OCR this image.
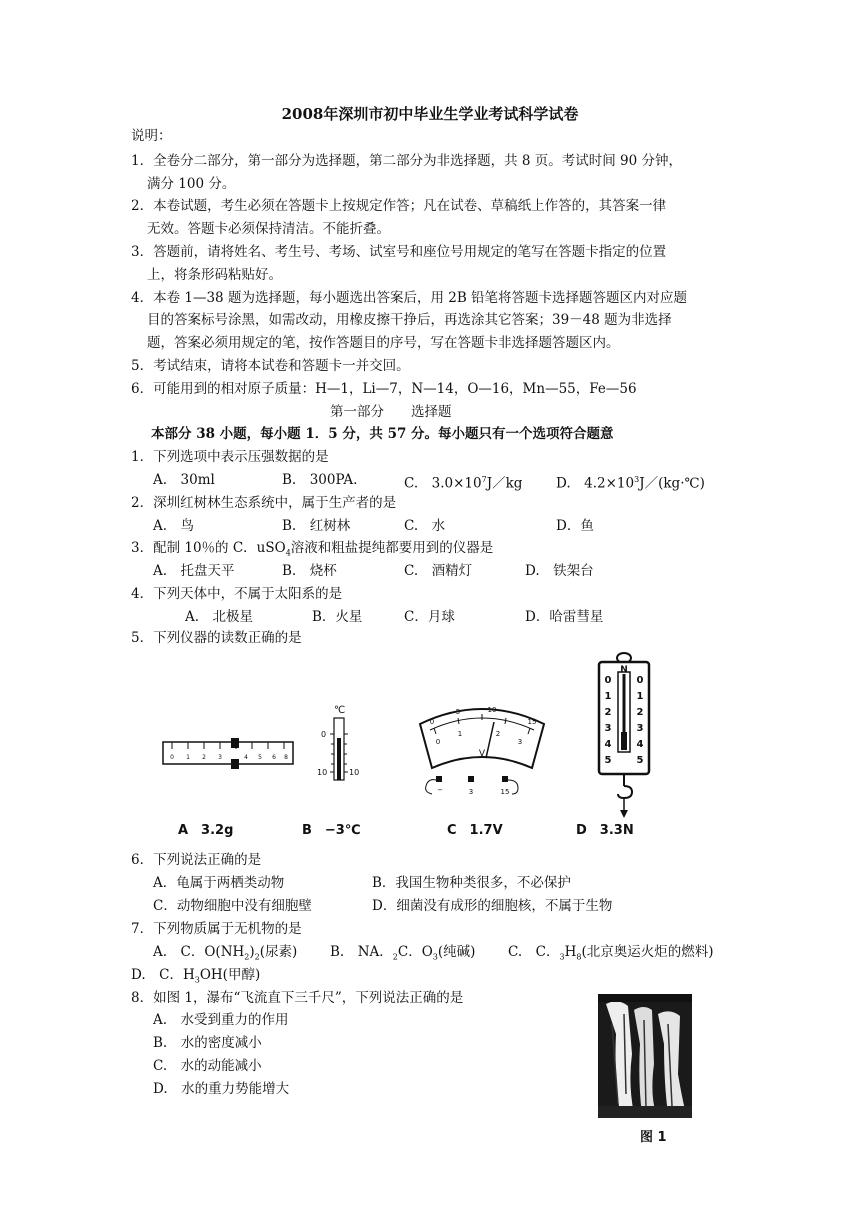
2008年深圳市初中毕业生学业考试科学试卷
说明：
1．全卷分二部分，第一部分为选择题，第二部分为非选择题，共 8 页。考试时间 90 分钟，
满分 100 分。
2．本卷试题，考生必须在答题卡上按规定作答；凡在试卷、草稿纸上作答的，其答案一律
无效。答题卡必须保持清洁。不能折叠。
3．答题前，请将姓名、考生号、考场、试室号和座位号用规定的笔写在答题卡指定的位置
上，将条形码粘贴好。
4．本卷 1—38 题为选择题，每小题选出答案后，用 2B 铅笔将答题卡选择题答题区内对应题
目的答案标号涂黑，如需改动，用橡皮擦干挣后，再选涂其它答案；39－48 题为非选择
题，答案必须用规定的笔，按作答题目的序号，写在答题卡非选择题答题区内。
5．考试结束，请将本试卷和答题卡一并交回。
6．可能用到的相对原子质量：H—1，Li—7，N—14，O—16，Mn—55，Fe—56
第一部分　　选择题
本部分 38 小题，每小题 1．5 分，共 57 分。每小题只有一个选项符合题意
1．下列选项中表示压强数据的是
A.　30ml	B.　300PA.	C.　$3.0\times 10^7J/kg$ D.　$4.2\times 10^3J/(kg\cdot℃)$
2．深圳红树林生态系统中，属于生产者的是
A.　鸟	B.　红树林	C.　水	D．鱼
3．配制 10％的 C．uSO$_4$溶液和粗盐提纯都要用到的仪器是
A.　托盘天平	B.　烧杯	C.　酒精灯	D.　铁架台
4．下列天体中，不属于太阳系的是
A.　北极星	B．火星	C．月球	D．哈雷彗星
5．下列仪器的读数正确的是
0 1 2 3	4 5 6 8
℃
0
10	10
0
5	10
15
0
1	2
3
V
−	3	15
N
0	0
1	1
2	2
3	3
4	4
5	5
A　3.2g	B　−3℃	C　1.7V	D　3.3N
6．下列说法正确的是
A．龟属于两栖类动物	B．我国生物种类很多，不必保护
C．动物细胞中没有细胞壁	D．细菌没有成形的细胞核，不属于生物
7．下列物质属于无机物的是
A.　C．$O(NH_2)_2$(尿素) B.　NA．$_2$C．$O_3$(纯碱) C.　C．$_3H_8$(北京奥运火炬的燃料)
D.　C．$H_3OH$(甲醇)
8．如图 1，瀑布“飞流直下三千尺”，下列说法正确的是
A.　水受到重力的作用
B.　水的密度减小
C.　水的动能减小
D.　水的重力势能增大
图 1
